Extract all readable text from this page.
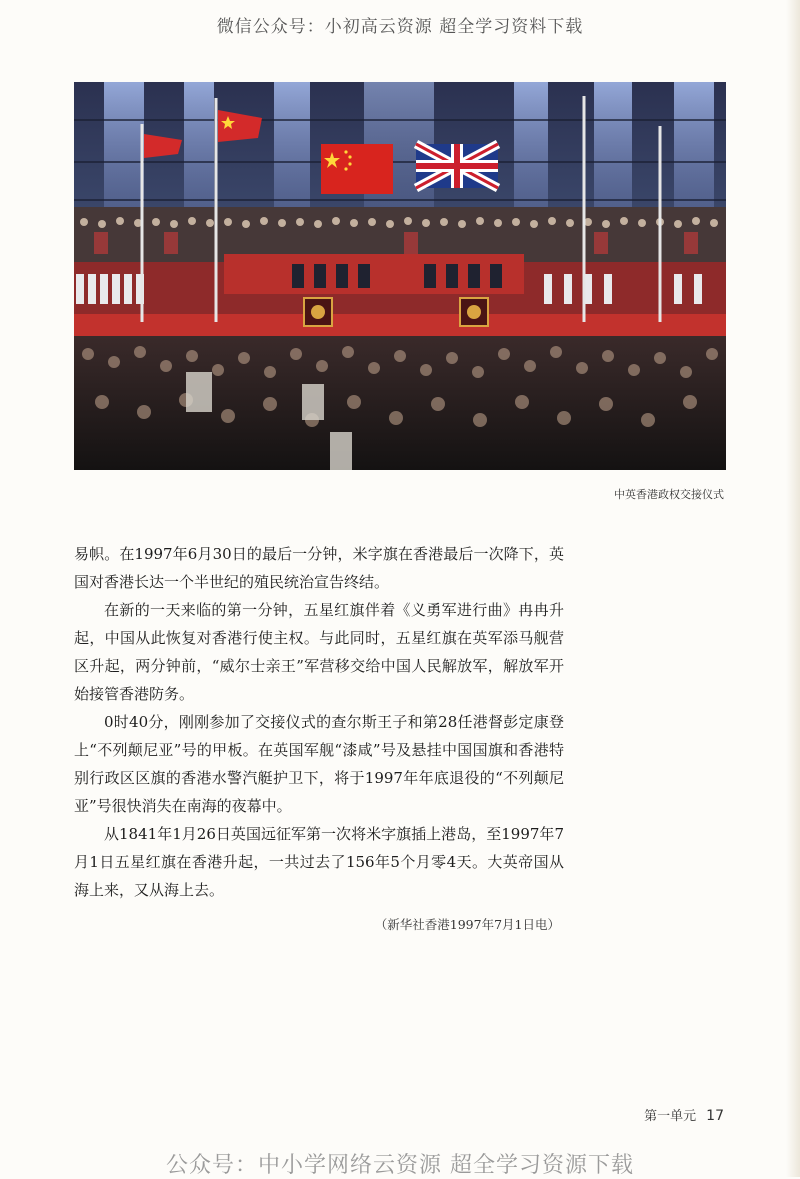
微信公众号：小初高云资源 超全学习资料下载
中英香港政权交接仪式

易帜。在1997年6月30日的最后一分钟，米字旗在香港最后一次降下，英国对香港长达一个半世纪的殖民统治宣告终结。

在新的一天来临的第一分钟，五星红旗伴着《义勇军进行曲》冉冉升起，中国从此恢复对香港行使主权。与此同时，五星红旗在英军添马舰营区升起，两分钟前，“威尔士亲王”军营移交给中国人民解放军，解放军开始接管香港防务。

0时40分，刚刚参加了交接仪式的查尔斯王子和第28任港督彭定康登上“不列颠尼亚”号的甲板。在英国军舰“漆咸”号及悬挂中国国旗和香港特别行政区区旗的香港水警汽艇护卫下，将于1997年年底退役的“不列颠尼亚”号很快消失在南海的夜幕中。

从1841年1月26日英国远征军第一次将米字旗插上港岛，至1997年7月1日五星红旗在香港升起，一共过去了156年5个月零4天。大英帝国从海上来，又从海上去。

（新华社香港1997年7月1日电）
第一单元 17
公众号：中小学网络云资源 超全学习资源下载
